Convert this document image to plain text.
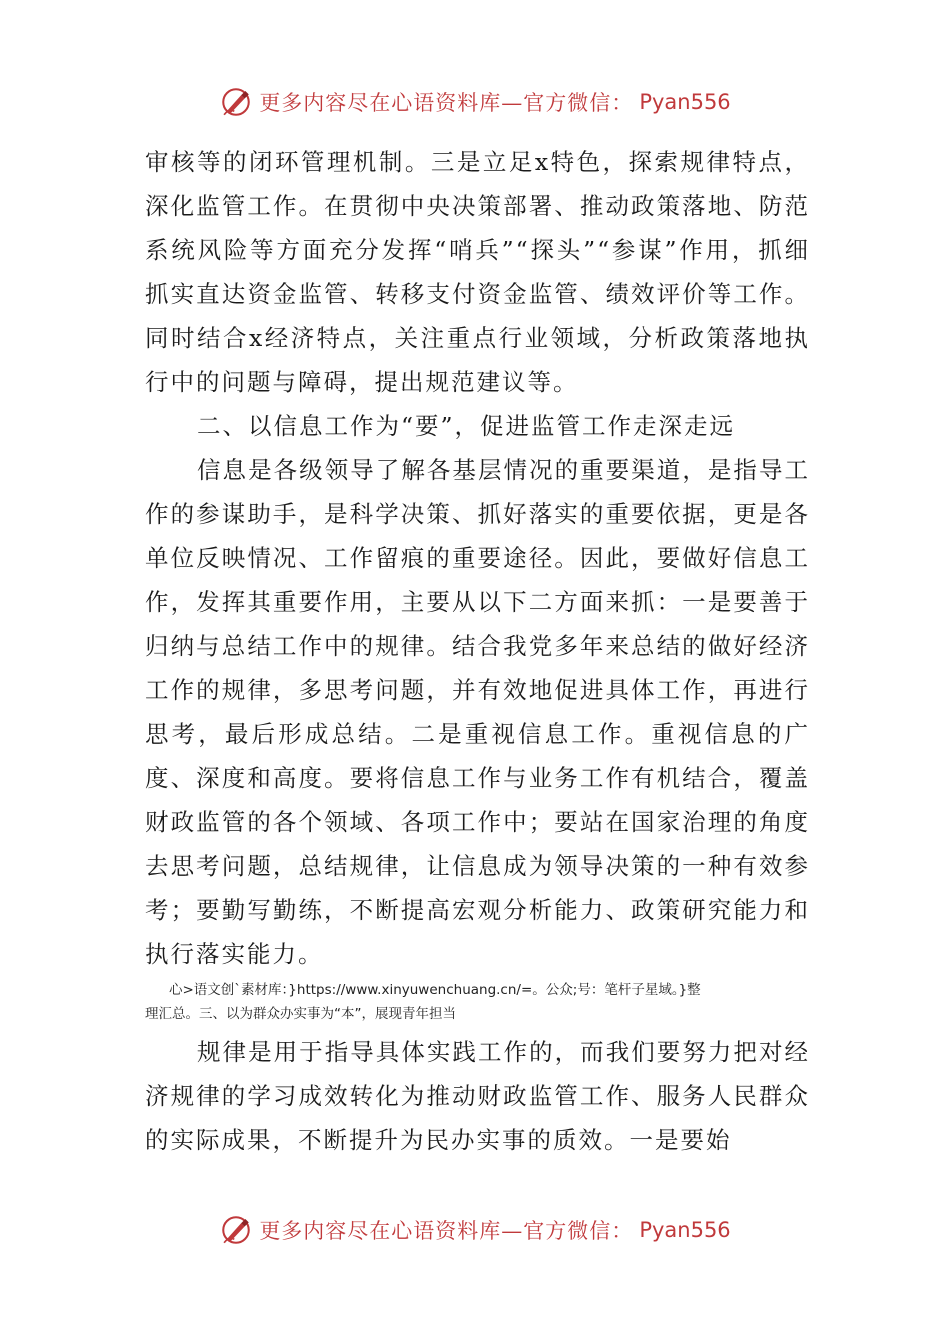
更多内容尽在心语资料库—官方微信： Pyan556

审核等的闭环管理机制。三是立足x特色，探索规律特点，深化监管工作。在贯彻中央决策部署、推动政策落地、防范系统风险等方面充分发挥“哨兵”“探头”“参谋”作用，抓细抓实直达资金监管、转移支付资金监管、绩效评价等工作。同时结合x经济特点，关注重点行业领域，分析政策落地执行中的问题与障碍，提出规范建议等。

二、以信息工作为“要”，促进监管工作走深走远

信息是各级领导了解各基层情况的重要渠道，是指导工作的参谋助手，是科学决策、抓好落实的重要依据，更是各单位反映情况、工作留痕的重要途径。因此，要做好信息工作，发挥其重要作用，主要从以下二方面来抓：一是要善于归纳与总结工作中的规律。结合我党多年来总结的做好经济工作的规律，多思考问题，并有效地促进具体工作，再进行思考，最后形成总结。二是重视信息工作。重视信息的广度、深度和高度。要将信息工作与业务工作有机结合，覆盖财政监管的各个领域、各项工作中；要站在国家治理的角度去思考问题，总结规律，让信息成为领导决策的一种有效参考；要勤写勤练，不断提高宏观分析能力、政策研究能力和执行落实能力。

心>语文创`素材库：}https://www.xinyuwenchuang.cn/=。公众;号：笔杆子星域。}整
理汇总。三、以为群众办实事为“本”，展现青年担当

规律是用于指导具体实践工作的，而我们要努力把对经济规律的学习成效转化为推动财政监管工作、服务人民群众的实际成果，不断提升为民办实事的质效。一是要始

更多内容尽在心语资料库—官方微信： Pyan556
